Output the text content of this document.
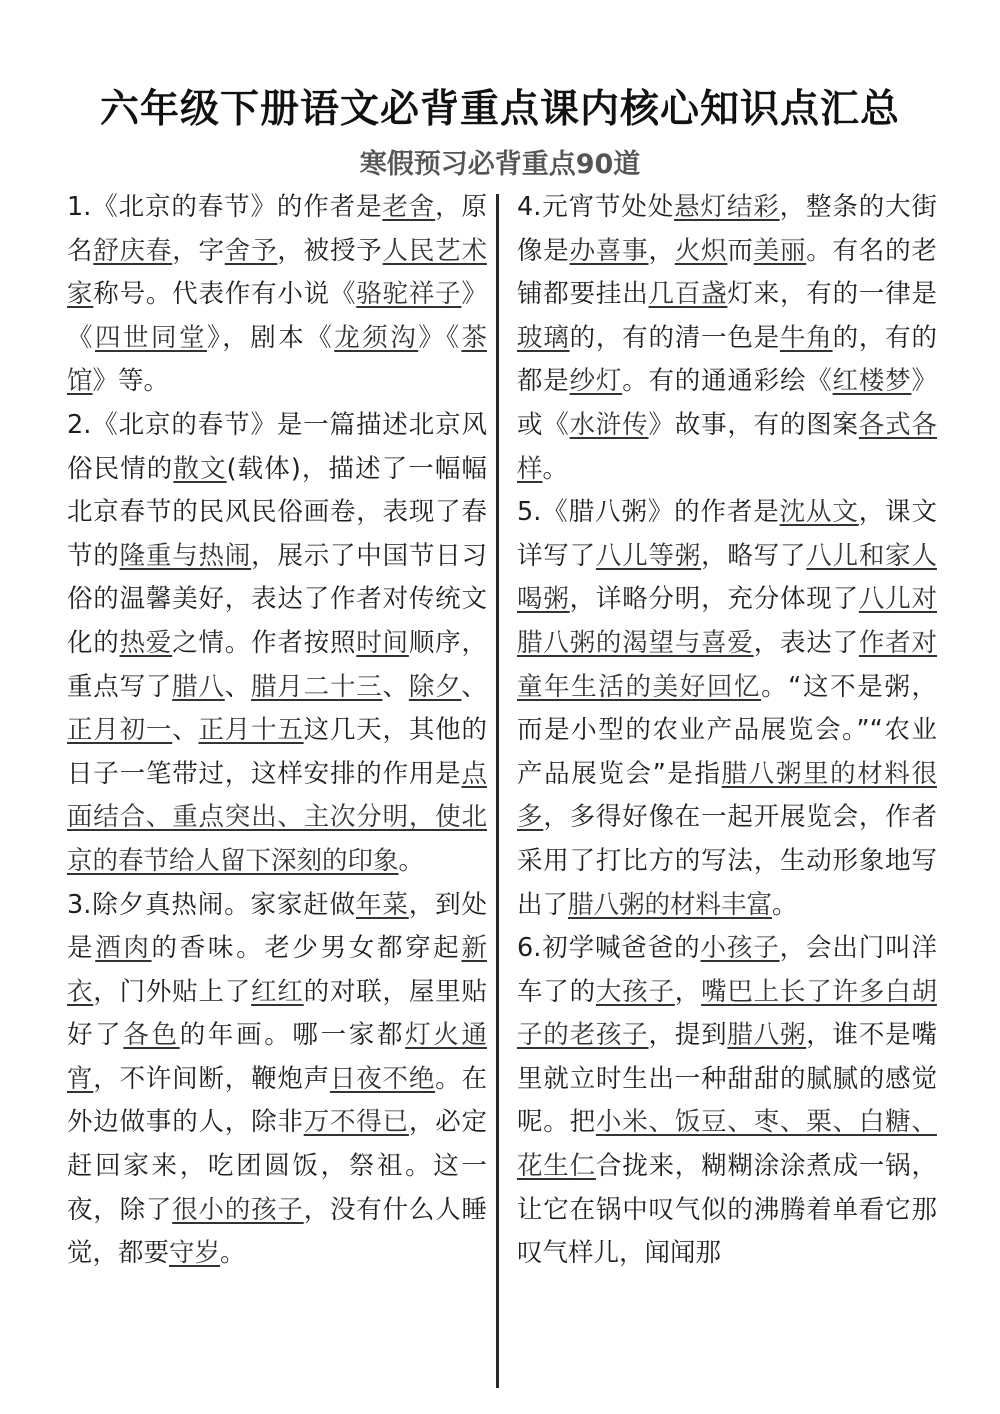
六年级下册语文必背重点课内核心知识点汇总
寒假预习必背重点90道

1.《北京的春节》的作者是老舍，原名舒庆春，字舍予，被授予人民艺术家称号。代表作有小说《骆驼祥子》《四世同堂》，剧本《龙须沟》《茶馆》等。

2.《北京的春节》是一篇描述北京风俗民情的散文(载体)，描述了一幅幅北京春节的民风民俗画卷，表现了春节的隆重与热闹，展示了中国节日习俗的温馨美好，表达了作者对传统文化的热爱之情。作者按照时间顺序，重点写了腊八、腊月二十三、除夕、正月初一、正月十五这几天，其他的日子一笔带过，这样安排的作用是点面结合、重点突出、主次分明，使北京的春节给人留下深刻的印象。

3.除夕真热闹。家家赶做年菜，到处是酒肉的香味。老少男女都穿起新衣，门外贴上了红红的对联，屋里贴好了各色的年画。哪一家都灯火通宵，不许间断，鞭炮声日夜不绝。在外边做事的人，除非万不得已，必定赶回家来，吃团圆饭，祭祖。这一夜，除了很小的孩子，没有什么人睡觉，都要守岁。

4.元宵节处处悬灯结彩，整条的大街像是办喜事，火炽而美丽。有名的老铺都要挂出几百盏灯来，有的一律是玻璃的，有的清一色是牛角的，有的都是纱灯。有的通通彩绘《红楼梦》或《水浒传》故事，有的图案各式各样。

5.《腊八粥》的作者是沈从文，课文详写了八儿等粥，略写了八儿和家人喝粥，详略分明，充分体现了八儿对腊八粥的渴望与喜爱，表达了作者对童年生活的美好回忆。“这不是粥，而是小型的农业产品展览会。”“农业产品展览会”是指腊八粥里的材料很多，多得好像在一起开展览会，作者采用了打比方的写法，生动形象地写出了腊八粥的材料丰富。

6.初学喊爸爸的小孩子，会出门叫洋车了的大孩子，嘴巴上长了许多白胡子的老孩子，提到腊八粥，谁不是嘴里就立时生出一种甜甜的腻腻的感觉呢。把小米、饭豆、枣、栗、白糖、花生仁合拢来，糊糊涂涂煮成一锅，让它在锅中叹气似的沸腾着单看它那叹气样儿，闻闻那
